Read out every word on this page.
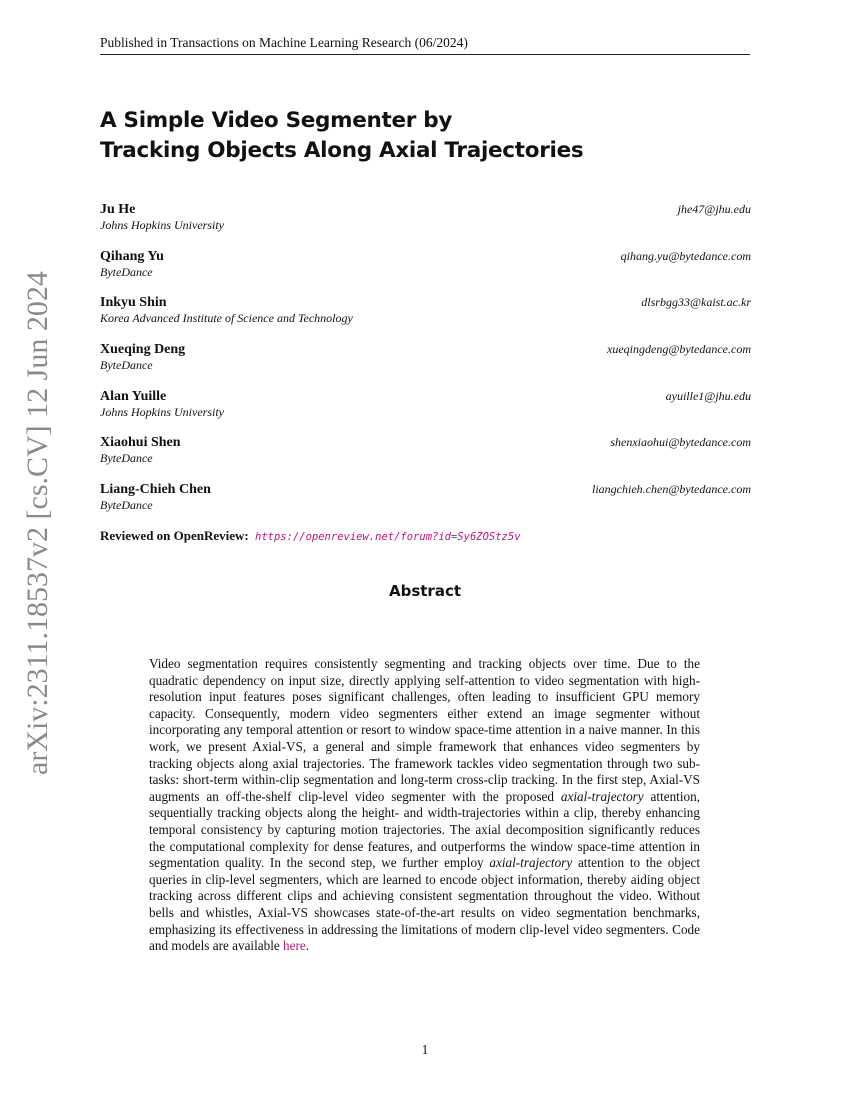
Published in Transactions on Machine Learning Research (06/2024)
arXiv:2311.18537v2 [cs.CV] 12 Jun 2024
A Simple Video Segmenter by
Tracking Objects Along Axial Trajectories
Ju He
Johns Hopkins University
jhe47@jhu.edu
Qihang Yu
ByteDance
qihang.yu@bytedance.com
Inkyu Shin
Korea Advanced Institute of Science and Technology
dlsrbgg33@kaist.ac.kr
Xueqing Deng
ByteDance
xueqingdeng@bytedance.com
Alan Yuille
Johns Hopkins University
ayuille1@jhu.edu
Xiaohui Shen
ByteDance
shenxiaohui@bytedance.com
Liang-Chieh Chen
ByteDance
liangchieh.chen@bytedance.com
Reviewed on OpenReview: https://openreview.net/forum?id=Sy6ZOStz5v
Abstract
Video segmentation requires consistently segmenting and tracking objects over time. Due to the quadratic dependency on input size, directly applying self-attention to video segmentation with high-resolution input features poses significant challenges, often leading to insufficient GPU memory capacity. Consequently, modern video segmenters either extend an image segmenter without incorporating any temporal attention or resort to window space-time attention in a naive manner. In this work, we present Axial-VS, a general and simple framework that enhances video segmenters by tracking objects along axial trajectories. The framework tackles video segmentation through two sub-tasks: short-term within-clip segmentation and long-term cross-clip tracking. In the first step, Axial-VS augments an off-the-shelf clip-level video segmenter with the proposed axial-trajectory attention, sequentially tracking objects along the height- and width-trajectories within a clip, thereby enhancing temporal consistency by capturing motion trajectories. The axial decomposition significantly reduces the computational complexity for dense features, and outperforms the window space-time attention in segmentation quality. In the second step, we further employ axial-trajectory attention to the object queries in clip-level segmenters, which are learned to encode object information, thereby aiding object tracking across different clips and achieving consistent segmentation throughout the video. Without bells and whistles, Axial-VS showcases state-of-the-art results on video segmentation benchmarks, emphasizing its effectiveness in addressing the limitations of modern clip-level video segmenters. Code and models are available here.
1
